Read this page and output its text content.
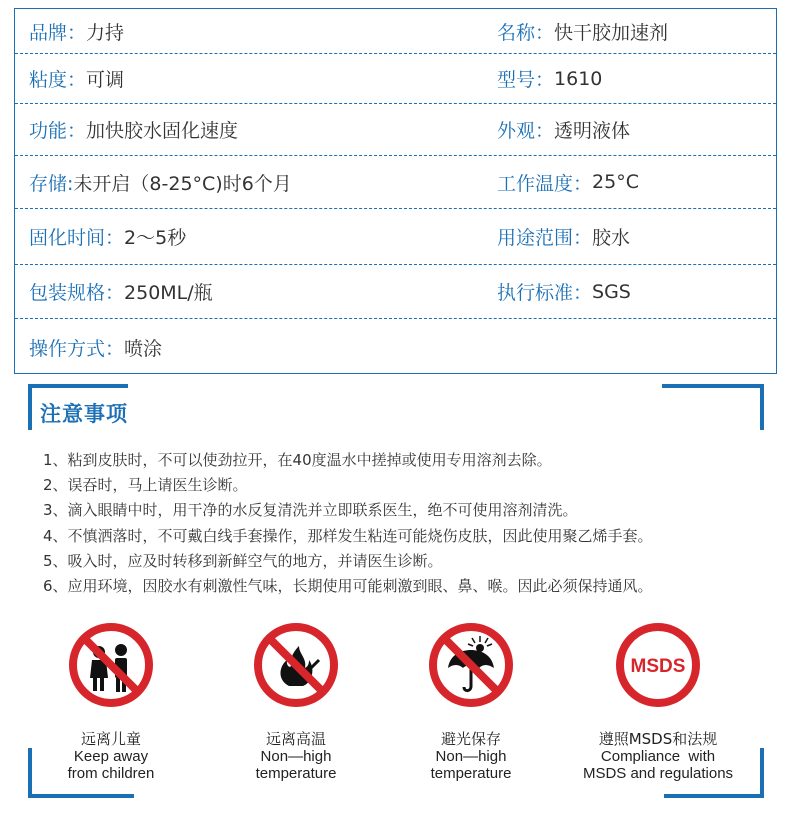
品牌： 力持	名称： 快干胶加速剂
粘度： 可调	型号： 1610
功能： 加快胶水固化速度	外观： 透明液体
存储: 未开启（8-25°C)时6个月	工作温度： 25°C
固化时间： 2～5秒	用途范围： 胶水
包装规格： 250ML/瓶	执行标准： SGS
操作方式： 喷涂
注意事项
1、粘到皮肤时，不可以使劲拉开，在40度温水中搓掉或使用专用溶剂去除。
2、误吞时，马上请医生诊断。
3、滴入眼睛中时，用干净的水反复清洗并立即联系医生，绝不可使用溶剂清洗。
4、不慎洒落时，不可戴白线手套操作，那样发生粘连可能烧伤皮肤，因此使用聚乙烯手套。
5、吸入时，应及时转移到新鲜空气的地方，并请医生诊断。
6、应用环境，因胶水有刺激性气味，长期使用可能刺激到眼、鼻、喉。因此必须保持通风。
远离儿童
Keep away
from children
远离高温
Non—high
temperature
避光保存
Non—high
temperature
MSDS
遵照MSDS和法规
Compliance  with
MSDS and regulations
